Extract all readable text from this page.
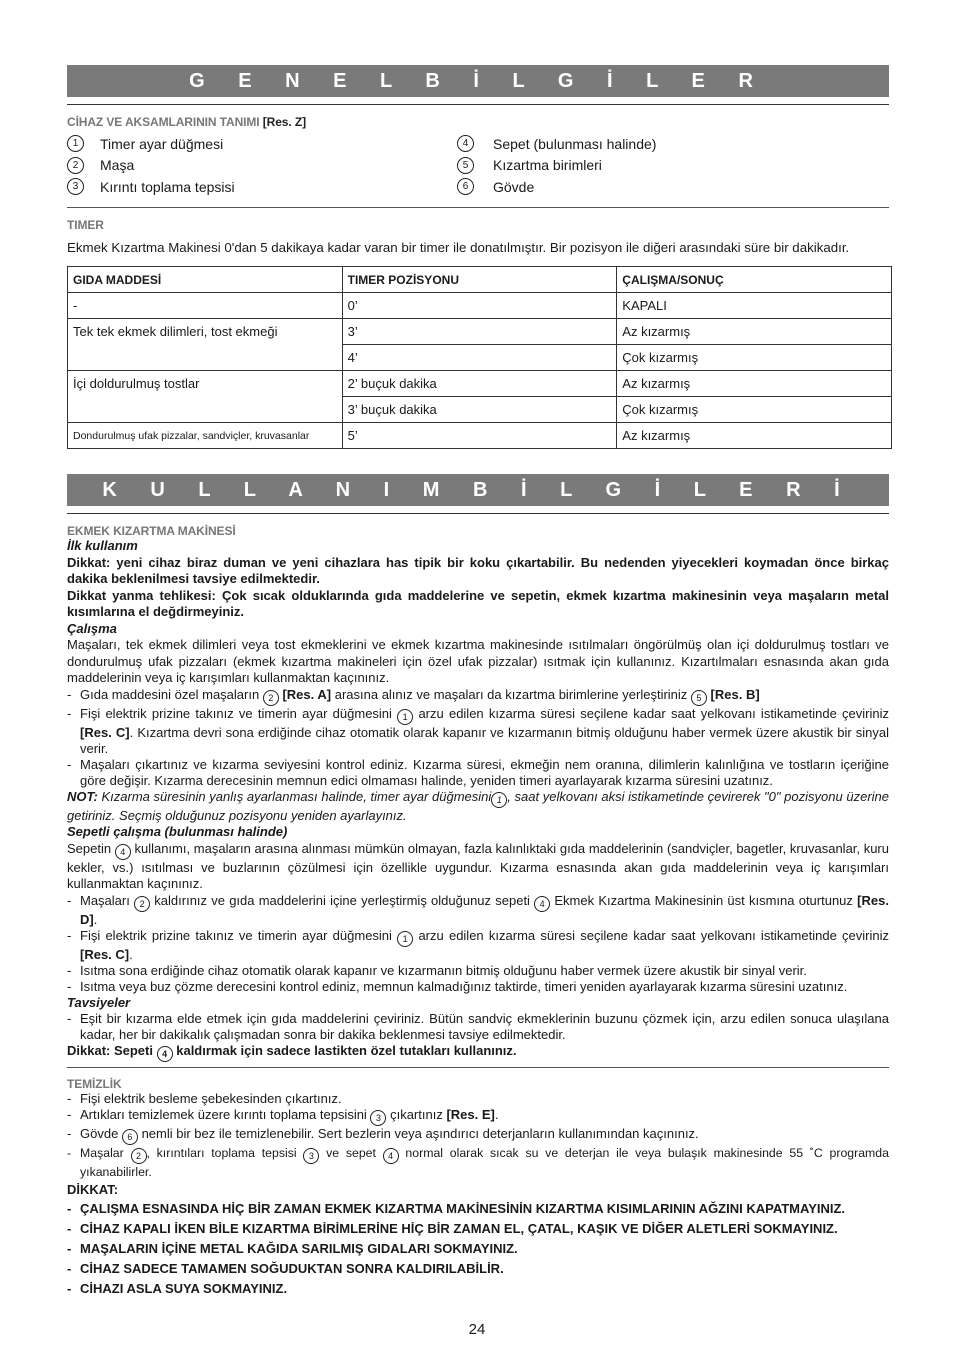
G E N E L B İ L G İ L E R
CİHAZ VE AKSAMLARININ TANIMI [Res. Z]
1	Timer ayar düğmesi
2	Maşa
3	Kırıntı toplama tepsisi
4	Sepet (bulunması halinde)
5	Kızartma birimleri
6	Gövde
TIMER
Ekmek Kızartma Makinesi 0'dan 5 dakikaya kadar varan bir timer ile donatılmıştır. Bir pozisyon ile diğeri arasındaki süre bir dakikadır.
GIDA MADDESİ	TIMER POZİSYONU	ÇALIŞMA/SONUÇ
-	0’	KAPALI
Tek tek ekmek dilimleri, tost ekmeği	3’	Az kızarmış
	4’	Çok kızarmış
İçi doldurulmuş tostlar	2’ buçuk dakika	Az kızarmış
	3’ buçuk dakika	Çok kızarmış
Dondurulmuş ufak pizzalar, sandviçler, kruvasanlar	5’	Az kızarmış
K U L L A N I M B İ L G İ L E R İ
EKMEK KIZARTMA MAKİNESİ
İlk kullanım
Dikkat: yeni cihaz biraz duman ve yeni cihazlara has tipik bir koku çıkartabilir. Bu nedenden yiyecekleri koymadan önce birkaç dakika beklenilmesi tavsiye edilmektedir.
Dikkat yanma tehlikesi: Çok sıcak olduklarında gıda maddelerine ve sepetin, ekmek kızartma makinesinin veya maşaların metal kısımlarına el değdirmeyiniz.
Çalışma
Maşaları, tek ekmek dilimleri veya tost ekmeklerini ve ekmek kızartma makinesinde ısıtılmaları öngörülmüş olan içi doldurulmuş tostları ve dondurulmuş ufak pizzaları (ekmek kızartma makineleri için özel ufak pizzalar) ısıtmak için kullanınız. Kızartılmaları esnasında akan gıda maddelerinin veya iç karışımları kullanmaktan kaçınınız.
- Gıda maddesini özel maşaların 2 [Res. A] arasına alınız ve maşaları da kızartma birimlerine yerleştiriniz 5 [Res. B]
- Fişi elektrik prizine takınız ve timerin ayar düğmesini 1 arzu edilen kızarma süresi seçilene kadar saat yelkovanı istikametinde çeviriniz [Res. C]. Kızartma devri sona erdiğinde cihaz otomatik olarak kapanır ve kızarmanın bitmiş olduğunu haber vermek üzere akustik bir sinyal verir.
- Maşaları çıkartınız ve kızarma seviyesini kontrol ediniz. Kızarma süresi, ekmeğin nem oranına, dilimlerin kalınlığına ve tostların içeriğine göre değişir. Kızarma derecesinin memnun edici olmaması halinde, yeniden timeri ayarlayarak kızarma süresini uzatınız.
NOT: Kızarma süresinin yanlış ayarlanması halinde, timer ayar düğmesini 1 , saat yelkovanı aksi istikametinde çevirerek "0" pozisyonu üzerine getiriniz. Seçmiş olduğunuz pozisyonu yeniden ayarlayınız.
Sepetli çalışma (bulunması halinde)
Sepetin 4 kullanımı, maşaların arasına alınması mümkün olmayan, fazla kalınlıktaki gıda maddelerinin (sandviçler, bagetler, kruvasanlar, kuru kekler, vs.) ısıtılması ve buzlarının çözülmesi için özellikle uygundur. Kızarma esnasında akan gıda maddelerinin veya iç karışımları kullanmaktan kaçınınız.
- Maşaları 2 kaldırınız ve gıda maddelerini içine yerleştirmiş olduğunuz sepeti 4 Ekmek Kızartma Makinesinin üst kısmına oturtunuz [Res. D].
- Fişi elektrik prizine takınız ve timerin ayar düğmesini 1 arzu edilen kızarma süresi seçilene kadar saat yelkovanı istikametinde çeviriniz [Res. C].
- Isıtma sona erdiğinde cihaz otomatik olarak kapanır ve kızarmanın bitmiş olduğunu haber vermek üzere akustik bir sinyal verir.
- Isıtma veya buz çözme derecesini kontrol ediniz, memnun kalmadığınız taktirde, timeri yeniden ayarlayarak kızarma süresini uzatınız.
Tavsiyeler
- Eşit bir kızarma elde etmek için gıda maddelerini çeviriniz. Bütün sandviç ekmeklerinin buzunu çözmek için, arzu edilen sonuca ulaşılana kadar, her bir dakikalık çalışmadan sonra bir dakika beklenmesi tavsiye edilmektedir.
Dikkat: Sepeti 4 kaldırmak için sadece lastikten özel tutakları kullanınız.
TEMİZLİK
- Fişi elektrik besleme şebekesinden çıkartınız.
- Artıkları temizlemek üzere kırıntı toplama tepsisini 3 çıkartınız [Res. E].
- Gövde 6 nemli bir bez ile temizlenebilir. Sert bezlerin veya aşındırıcı deterjanların kullanımından kaçınınız.
- Maşalar 2 , kırıntıları toplama tepsisi 3 ve sepet 4 normal olarak sıcak su ve deterjan ile veya bulaşık makinesinde 55 ˚C programda yıkanabilirler.
DİKKAT:
- ÇALIŞMA ESNASINDA HİÇ BİR ZAMAN EKMEK KIZARTMA MAKİNESİNİN KIZARTMA KISIMLARININ AĞZINI KAPATMAYINIZ.
- CİHAZ KAPALI İKEN BİLE KIZARTMA BİRİMLERİNE HİÇ BİR ZAMAN EL, ÇATAL, KAŞIK VE DİĞER ALETLERİ SOKMAYINIZ.
- MAŞALARIN İÇİNE METAL KAĞIDA SARILMIŞ GIDALARI SOKMAYINIZ.
- CİHAZ SADECE TAMAMEN SOĞUDUKTAN SONRA KALDIRILABİLİR.
- CİHAZI ASLA SUYA SOKMAYINIZ.
24
